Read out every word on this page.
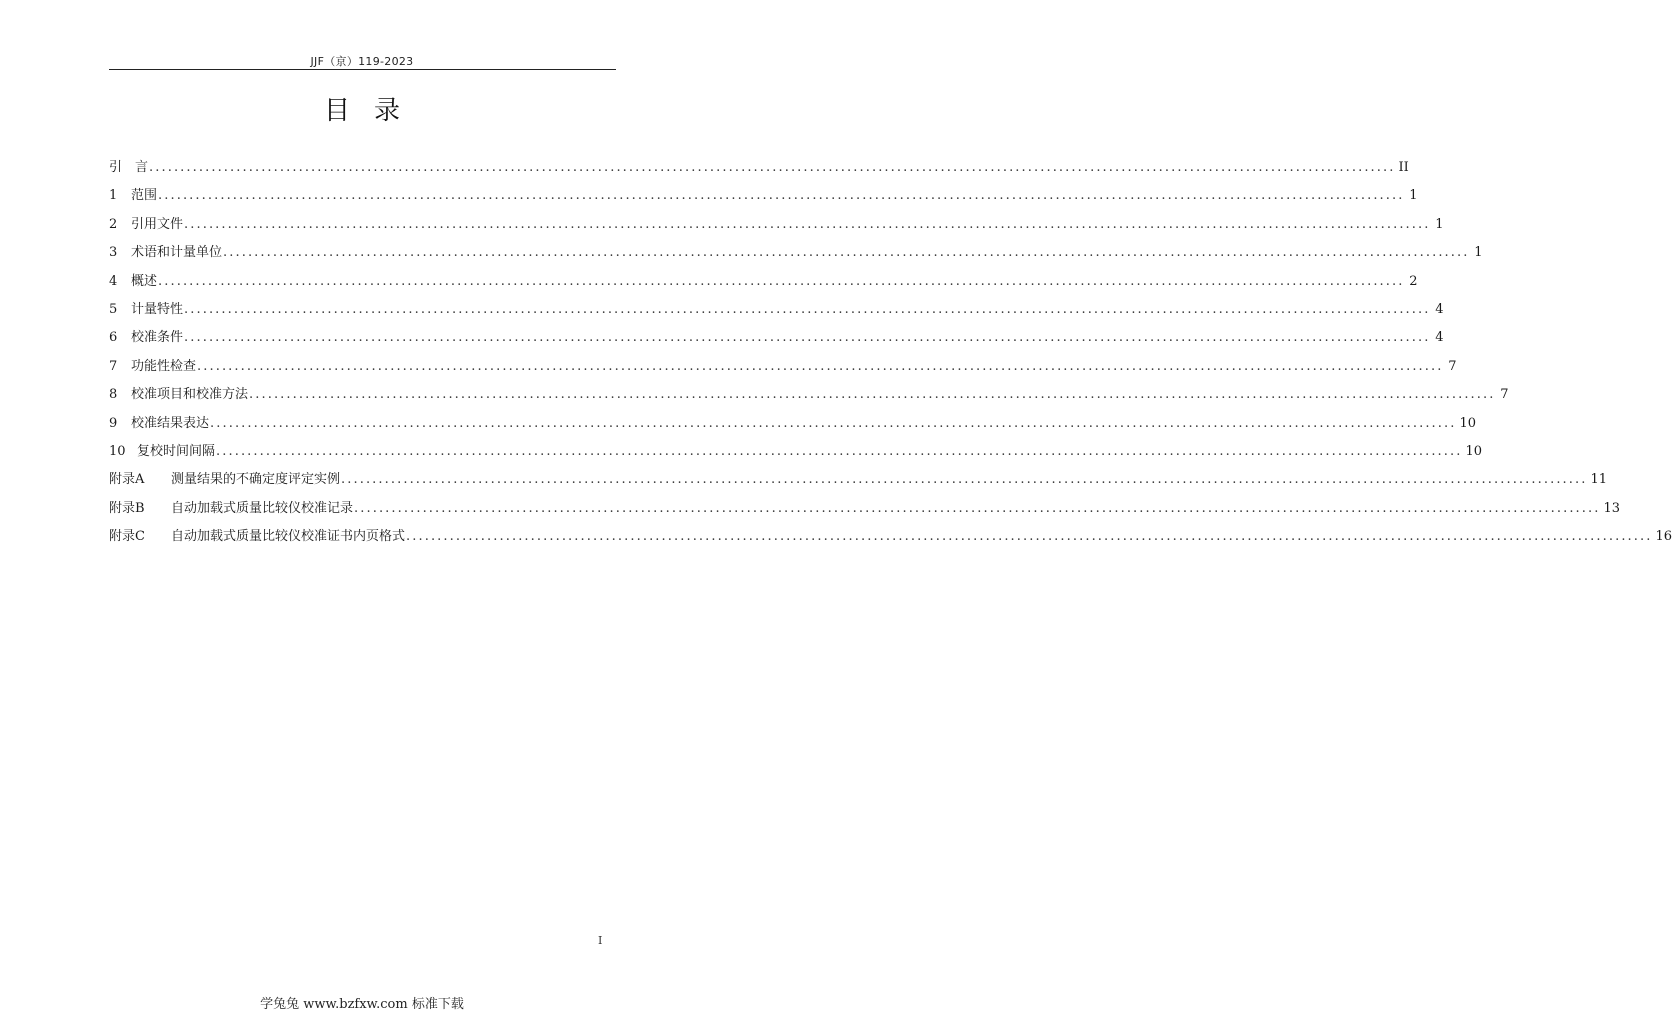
JJF（京）119-2023
目 录
引 言 ........................................................................................................................................................................................................ II
1	范围 ........................................................................................................................................................................................................ 1
2	引用文件 ........................................................................................................................................................................................................ 1
3	术语和计量单位 ........................................................................................................................................................................................................ 1
4	概述 ........................................................................................................................................................................................................ 2
5	计量特性 ........................................................................................................................................................................................................ 4
6	校准条件 ........................................................................................................................................................................................................ 4
7	功能性检查 ........................................................................................................................................................................................................ 7
8	校准项目和校准方法 ........................................................................................................................................................................................................ 7
9	校准结果表达 ........................................................................................................................................................................................................ 10
10 复校时间间隔 ........................................................................................................................................................................................................ 10
附录A	测量结果的不确定度评定实例 ........................................................................................................................................................................................................ 11
附录B	自动加载式质量比较仪校准记录 ........................................................................................................................................................................................................ 13
附录C	自动加载式质量比较仪校准证书内页格式 ........................................................................................................................................................................................................ 16
I
学兔兔 www.bzfxw.com 标准下载
